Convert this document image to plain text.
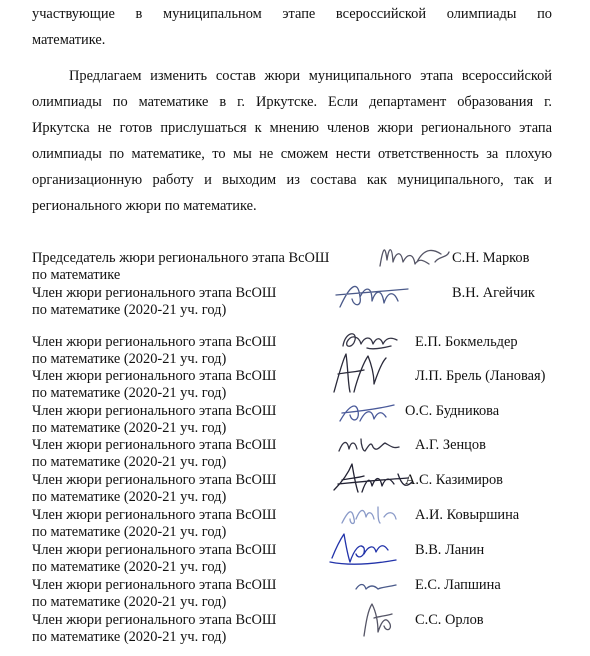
участвующие в муниципальном этапе всероссийской олимпиады по
математике.
Предлагаем изменить состав жюри муниципального этапа всероссийской
олимпиады по математике в г. Иркутске. Если департамент образования г.
Иркутска не готов прислушаться к мнению членов жюри регионального этапа
олимпиады по математике, то мы не сможем нести ответственность за плохую
организационную работу и выходим из состава как муниципального, так и
регионального жюри по математике.
Председатель жюри регионального этапа ВсОШ
по математике
С.Н. Марков
Член жюри регионального этапа ВсОШ
по математике (2020-21 уч. год)
В.Н. Агейчик
Член жюри регионального этапа ВсОШ
по математике (2020-21 уч. год)
Е.П. Бокмельдер
Член жюри регионального этапа ВсОШ
по математике (2020-21 уч. год)
Л.П. Брель (Лановая)
Член жюри регионального этапа ВсОШ
по математике (2020-21 уч. год)
О.С. Будникова
Член жюри регионального этапа ВсОШ
по математике (2020-21 уч. год)
А.Г. Зенцов
Член жюри регионального этапа ВсОШ
по математике (2020-21 уч. год)
А.С. Казимиров
Член жюри регионального этапа ВсОШ
по математике (2020-21 уч. год)
А.И. Ковыршина
Член жюри регионального этапа ВсОШ
по математике (2020-21 уч. год)
В.В. Ланин
Член жюри регионального этапа ВсОШ
по математике (2020-21 уч. год)
Е.С. Лапшина
Член жюри регионального этапа ВсОШ
по математике (2020-21 уч. год)
С.С. Орлов
